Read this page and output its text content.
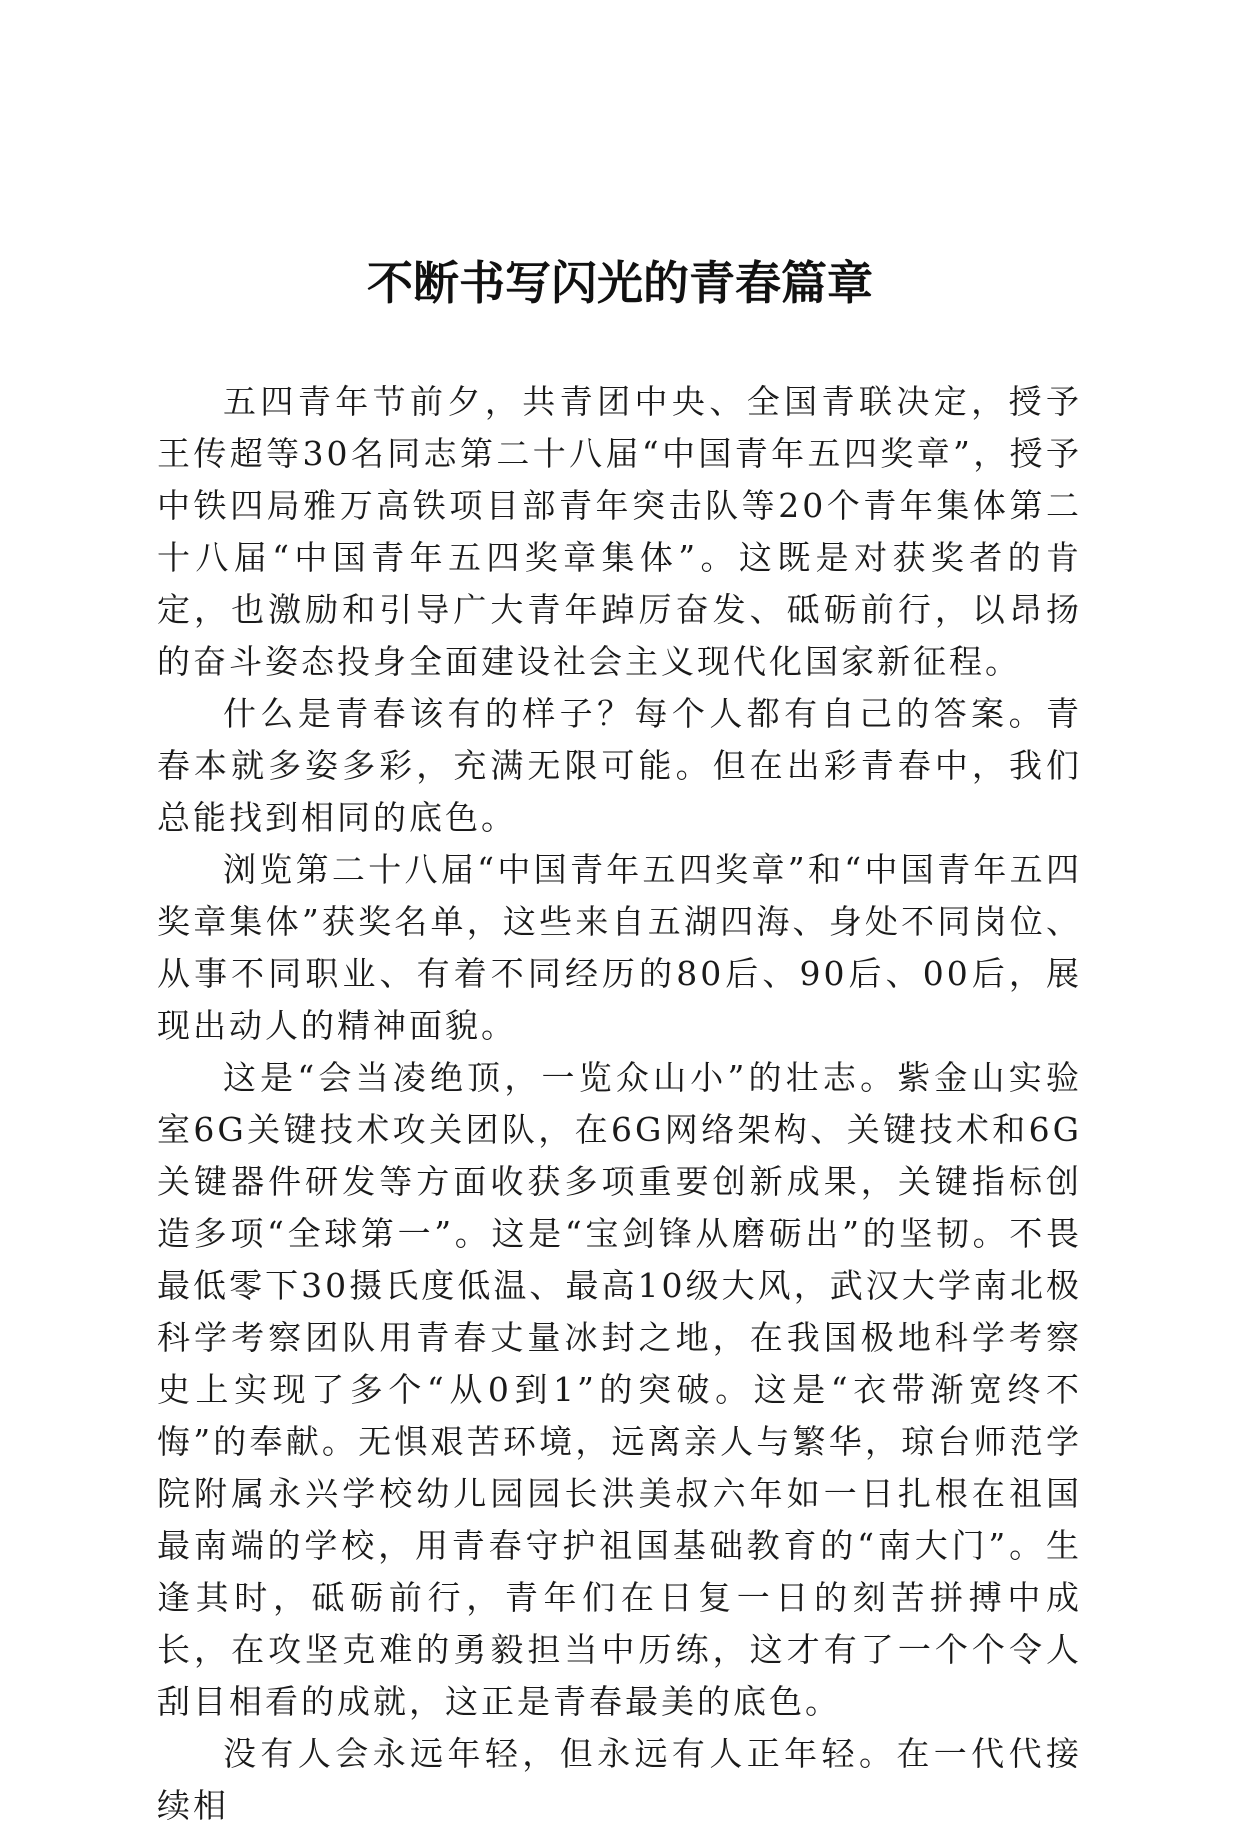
不断书写闪光的青春篇章

五四青年节前夕，共青团中央、全国青联决定，授予王传超等30名同志第二十八届“中国青年五四奖章”，授予中铁四局雅万高铁项目部青年突击队等20个青年集体第二十八届“中国青年五四奖章集体”。这既是对获奖者的肯定，也激励和引导广大青年踔厉奋发、砥砺前行，以昂扬的奋斗姿态投身全面建设社会主义现代化国家新征程。

什么是青春该有的样子？每个人都有自己的答案。青春本就多姿多彩，充满无限可能。但在出彩青春中，我们总能找到相同的底色。

浏览第二十八届“中国青年五四奖章”和“中国青年五四奖章集体”获奖名单，这些来自五湖四海、身处不同岗位、从事不同职业、有着不同经历的80后、90后、00后，展现出动人的精神面貌。

这是“会当凌绝顶，一览众山小”的壮志。紫金山实验室6G关键技术攻关团队，在6G网络架构、关键技术和6G关键器件研发等方面收获多项重要创新成果，关键指标创造多项“全球第一”。这是“宝剑锋从磨砺出”的坚韧。不畏最低零下30摄氏度低温、最高10级大风，武汉大学南北极科学考察团队用青春丈量冰封之地，在我国极地科学考察史上实现了多个“从0到1”的突破。这是“衣带渐宽终不悔”的奉献。无惧艰苦环境，远离亲人与繁华，琼台师范学院附属永兴学校幼儿园园长洪美叔六年如一日扎根在祖国最南端的学校，用青春守护祖国基础教育的“南大门”。生逢其时，砥砺前行，青年们在日复一日的刻苦拼搏中成长，在攻坚克难的勇毅担当中历练，这才有了一个个令人刮目相看的成就，这正是青春最美的底色。

没有人会永远年轻，但永远有人正年轻。在一代代接续相
